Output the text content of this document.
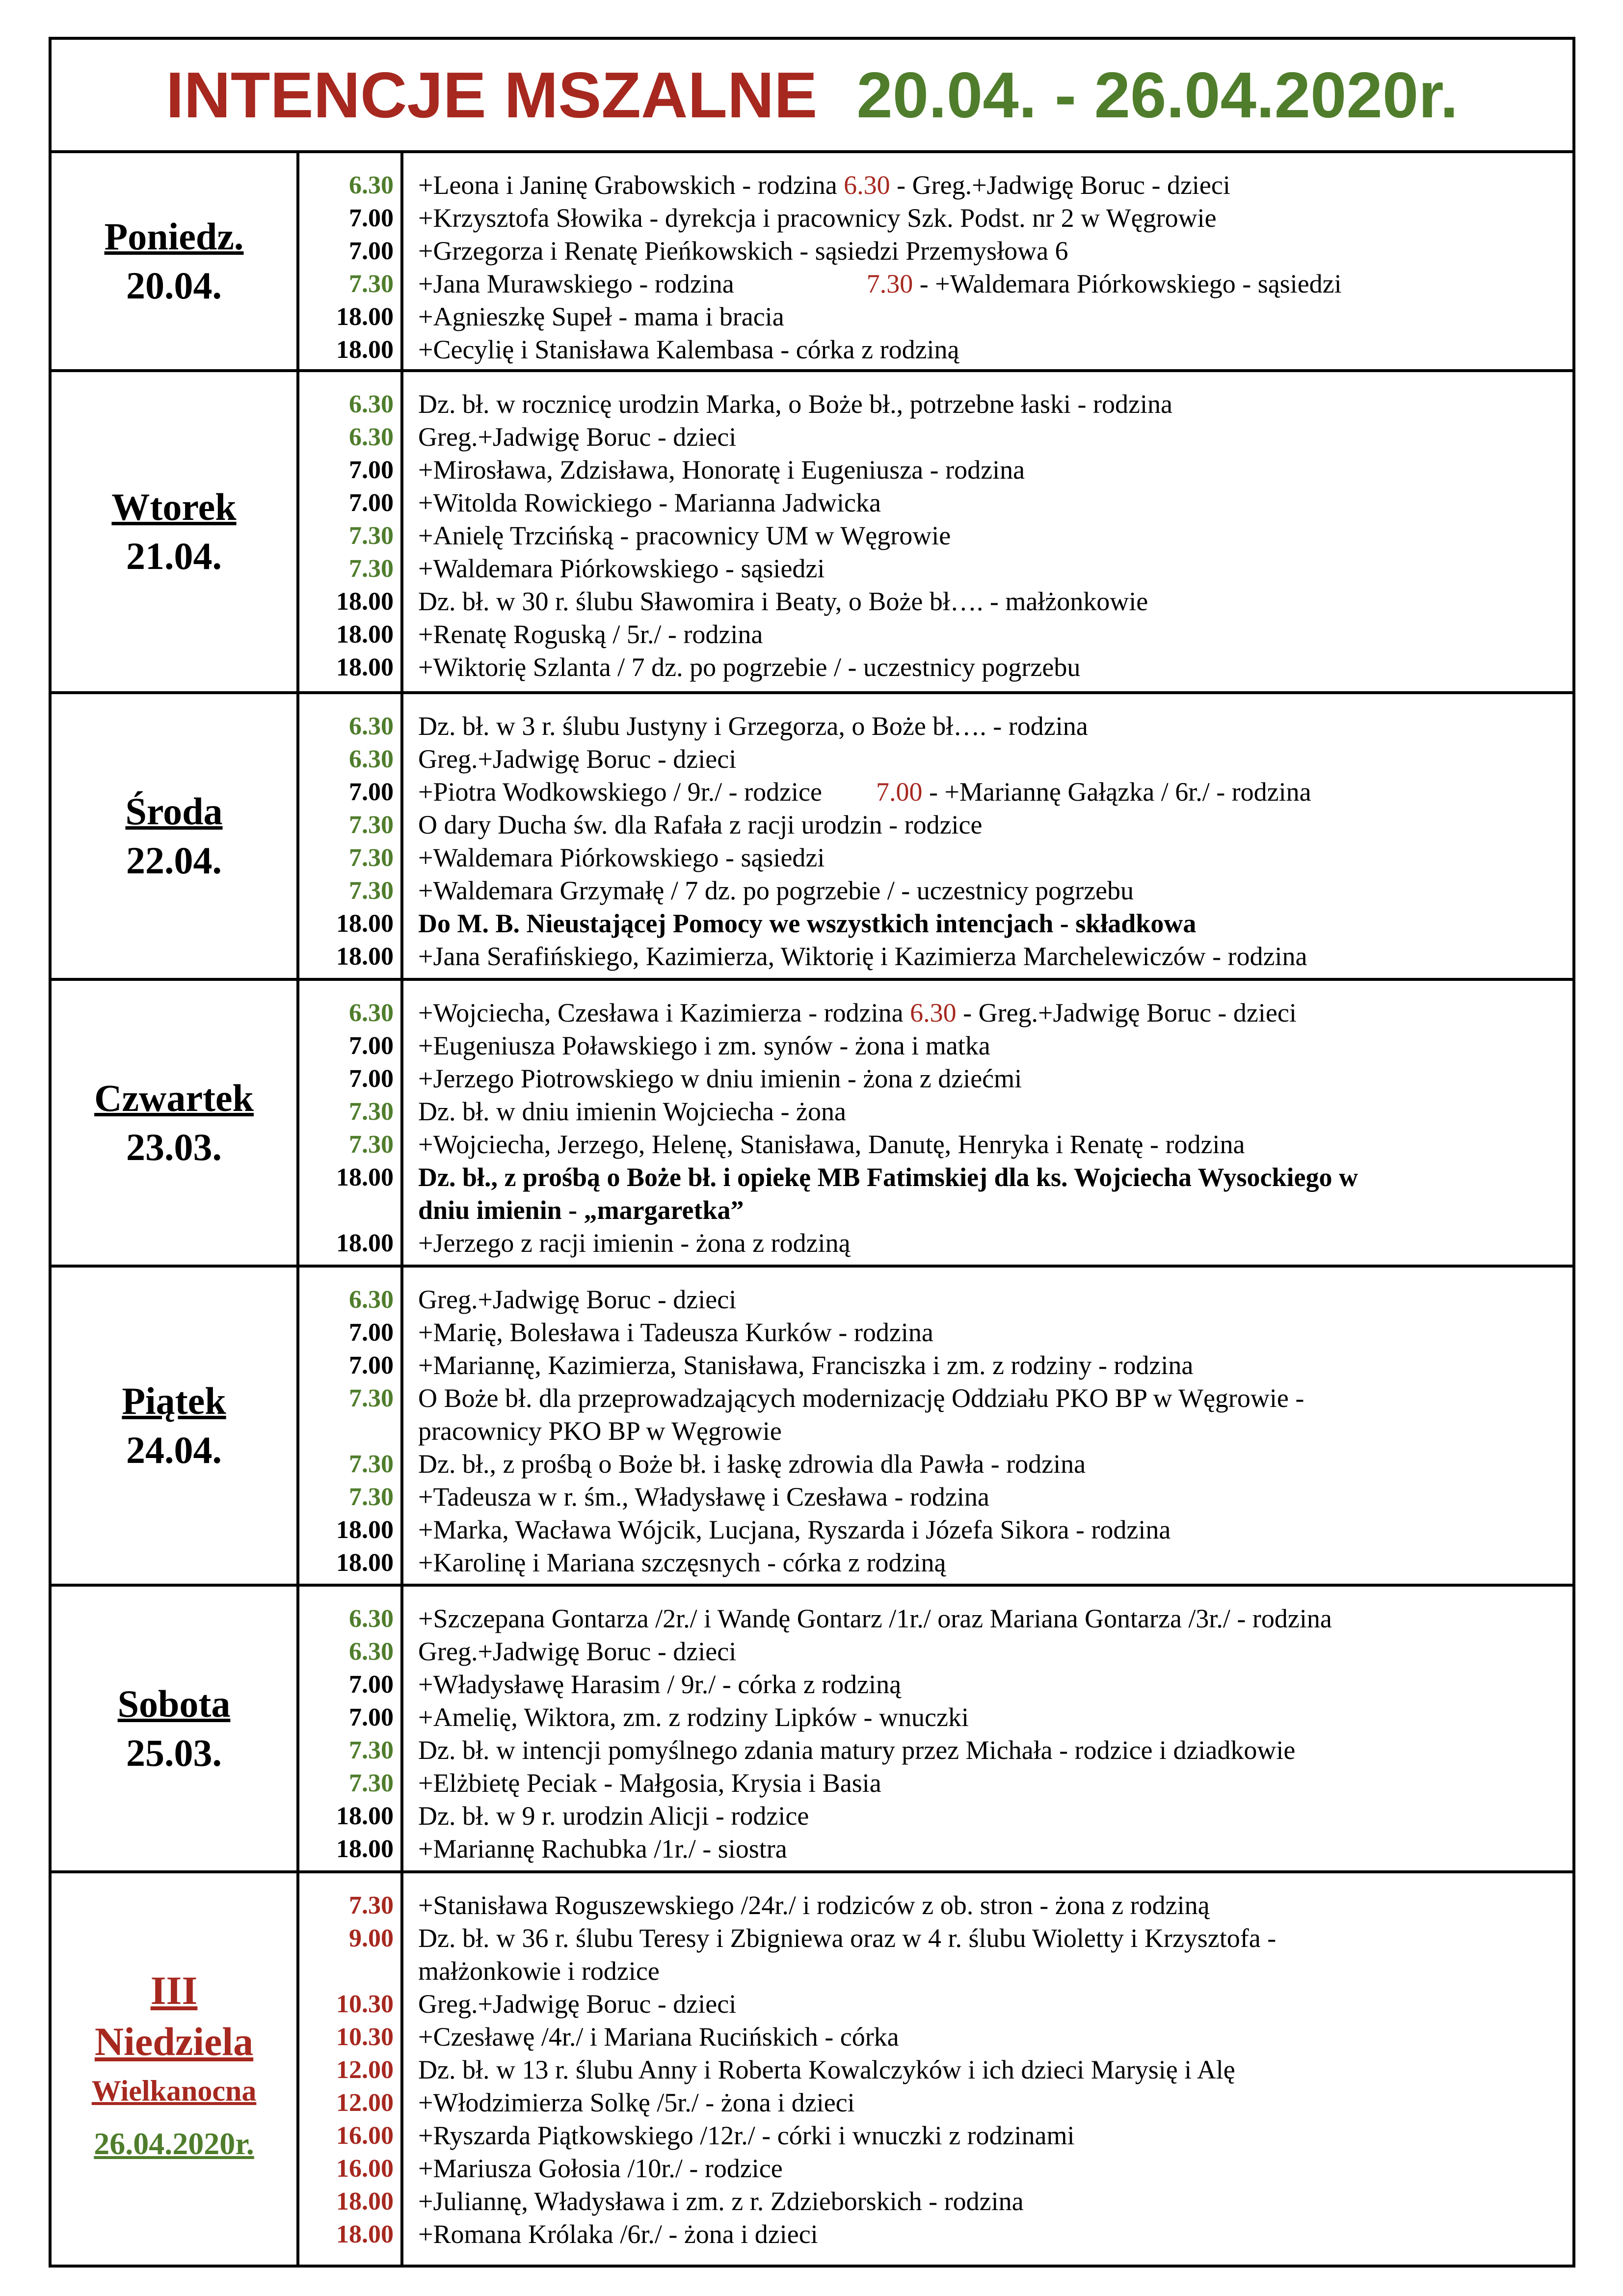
INTENCJE MSZALNE 20.04. - 26.04.2020r.
Poniedz.
20.04.
6.30
7.00
7.00
7.30
18.00
18.00
+Leona i Janinę Grabowskich - rodzina 6.30 - Greg.+Jadwigę Boruc - dzieci
+Krzysztofa Słowika - dyrekcja i pracownicy Szk. Podst. nr 2 w Węgrowie
+Grzegorza i Renatę Pieńkowskich - sąsiedzi Przemysłowa 6
+Jana Murawskiego - rodzina	7.30 - +Waldemara Piórkowskiego - sąsiedzi
+Agnieszkę Supeł - mama i bracia
+Cecylię i Stanisława Kalembasa - córka z rodziną
Wtorek
21.04.
6.30
6.30
7.00
7.00
7.30
7.30
18.00
18.00
18.00
Dz. bł. w rocznicę urodzin Marka, o Boże bł., potrzebne łaski - rodzina
Greg.+Jadwigę Boruc - dzieci
+Mirosława, Zdzisława, Honoratę i Eugeniusza - rodzina
+Witolda Rowickiego - Marianna Jadwicka
+Anielę Trzcińską - pracownicy UM w Węgrowie
+Waldemara Piórkowskiego - sąsiedzi
Dz. bł. w 30 r. ślubu Sławomira i Beaty, o Boże bł…. - małżonkowie
+Renatę Roguską / 5r./ - rodzina
+Wiktorię Szlanta / 7 dz. po pogrzebie / - uczestnicy pogrzebu
Środa
22.04.
6.30
6.30
7.00
7.30
7.30
7.30
18.00
18.00
Dz. bł. w 3 r. ślubu Justyny i Grzegorza, o Boże bł…. - rodzina
Greg.+Jadwigę Boruc - dzieci
+Piotra Wodkowskiego / 9r./ - rodzice 7.00 - +Mariannę Gałązka / 6r./ - rodzina
O dary Ducha św. dla Rafała z racji urodzin - rodzice
+Waldemara Piórkowskiego - sąsiedzi
+Waldemara Grzymałę / 7 dz. po pogrzebie / - uczestnicy pogrzebu
Do M. B. Nieustającej Pomocy we wszystkich intencjach - składkowa
+Jana Serafińskiego, Kazimierza, Wiktorię i Kazimierza Marchelewiczów - rodzina
Czwartek
23.03.
6.30
7.00
7.00
7.30
7.30
18.00
18.00
+Wojciecha, Czesława i Kazimierza - rodzina 6.30 - Greg.+Jadwigę Boruc - dzieci
+Eugeniusza Poławskiego i zm. synów - żona i matka
+Jerzego Piotrowskiego w dniu imienin - żona z dziećmi
Dz. bł. w dniu imienin Wojciecha - żona
+Wojciecha, Jerzego, Helenę, Stanisława, Danutę, Henryka i Renatę - rodzina
Dz. bł., z prośbą o Boże bł. i opiekę MB Fatimskiej dla ks. Wojciecha Wysockiego w
dniu imienin - „margaretka”
+Jerzego z racji imienin - żona z rodziną
Piątek
24.04.
6.30
7.00
7.00
7.30
7.30
7.30
18.00
18.00
Greg.+Jadwigę Boruc - dzieci
+Marię, Bolesława i Tadeusza Kurków - rodzina
+Mariannę, Kazimierza, Stanisława, Franciszka i zm. z rodziny - rodzina
O Boże bł. dla przeprowadzających modernizację Oddziału PKO BP w Węgrowie -
pracownicy PKO BP w Węgrowie
Dz. bł., z prośbą o Boże bł. i łaskę zdrowia dla Pawła - rodzina
+Tadeusza w r. śm., Władysławę i Czesława - rodzina
+Marka, Wacława Wójcik, Lucjana, Ryszarda i Józefa Sikora - rodzina
+Karolinę i Mariana szczęsnych - córka z rodziną
Sobota
25.03.
6.30
6.30
7.00
7.00
7.30
7.30
18.00
18.00
+Szczepana Gontarza /2r./ i Wandę Gontarz /1r./ oraz Mariana Gontarza /3r./ - rodzina
Greg.+Jadwigę Boruc - dzieci
+Władysławę Harasim / 9r./ - córka z rodziną
+Amelię, Wiktora, zm. z rodziny Lipków - wnuczki
Dz. bł. w intencji pomyślnego zdania matury przez Michała - rodzice i dziadkowie
+Elżbietę Peciak - Małgosia, Krysia i Basia
Dz. bł. w 9 r. urodzin Alicji - rodzice
+Mariannę Rachubka /1r./ - siostra
III
Niedziela
Wielkanocna
26.04.2020r.
7.30
9.00
10.30
10.30
12.00
12.00
16.00
16.00
18.00
18.00
+Stanisława Roguszewskiego /24r./ i rodziców z ob. stron - żona z rodziną
Dz. bł. w 36 r. ślubu Teresy i Zbigniewa oraz w 4 r. ślubu Wioletty i Krzysztofa -
małżonkowie i rodzice
Greg.+Jadwigę Boruc - dzieci
+Czesławę /4r./ i Mariana Rucińskich - córka
Dz. bł. w 13 r. ślubu Anny i Roberta Kowalczyków i ich dzieci Marysię i Alę
+Włodzimierza Solkę /5r./ - żona i dzieci
+Ryszarda Piątkowskiego /12r./ - córki i wnuczki z rodzinami
+Mariusza Gołosia /10r./ - rodzice
+Juliannę, Władysława i zm. z r. Zdzieborskich - rodzina
+Romana Królaka /6r./ - żona i dzieci
